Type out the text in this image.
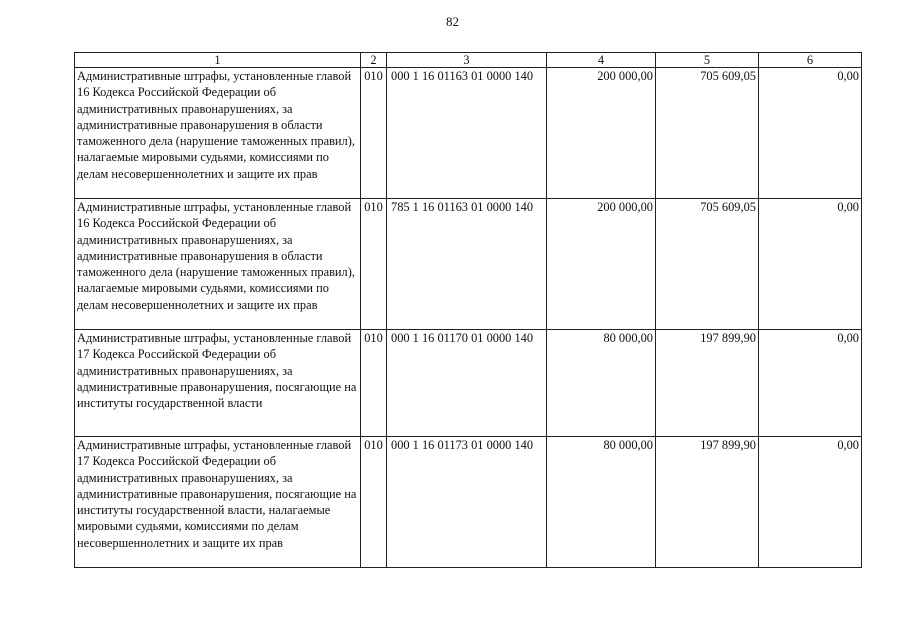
82
1	2	3	4	5	6
Административные штрафы, установленные главой 16 Кодекса Российской Федерации об административных правонарушениях, за административные правонарушения в области таможенного дела (нарушение таможенных правил), налагаемые мировыми судьями, комиссиями по делам несовершеннолетних и защите их прав	010	000 1 16 01163 01 0000 140	200 000,00	705 609,05	0,00
Административные штрафы, установленные главой 16 Кодекса Российской Федерации об административных правонарушениях, за административные правонарушения в области таможенного дела (нарушение таможенных правил), налагаемые мировыми судьями, комиссиями по делам несовершеннолетних и защите их прав	010	785 1 16 01163 01 0000 140	200 000,00	705 609,05	0,00
Административные штрафы, установленные главой 17 Кодекса Российской Федерации об административных правонарушениях, за административные правонарушения, посягающие на институты государственной власти	010	000 1 16 01170 01 0000 140	80 000,00	197 899,90	0,00
Административные штрафы, установленные главой 17 Кодекса Российской Федерации об административных правонарушениях, за административные правонарушения, посягающие на институты государственной власти, налагаемые мировыми судьями, комиссиями по делам несовершеннолетних и защите их прав	010	000 1 16 01173 01 0000 140	80 000,00	197 899,90	0,00
